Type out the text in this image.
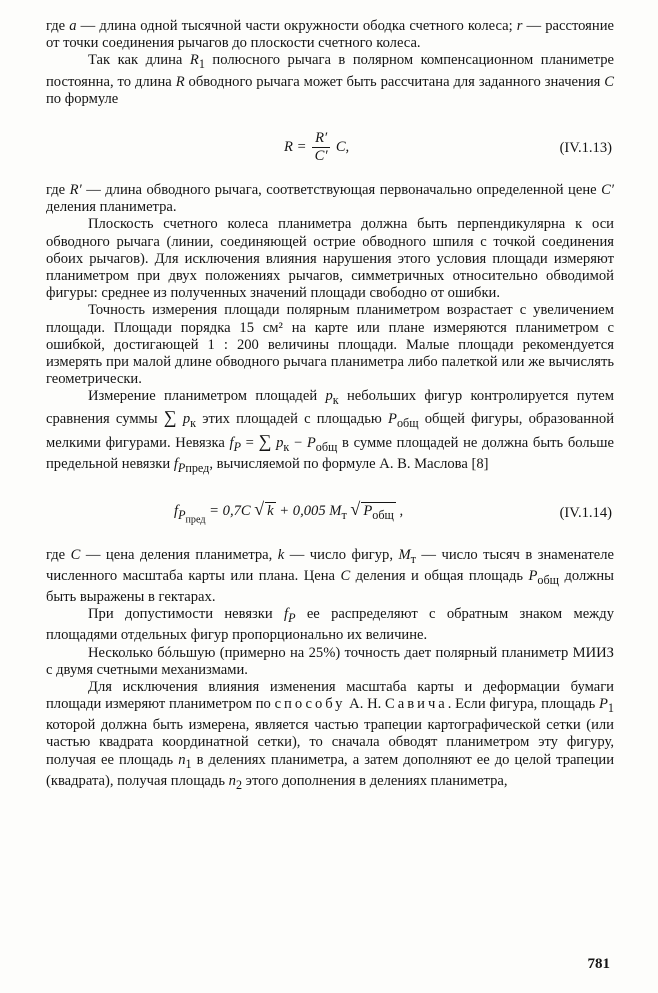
где a — длина одной тысячной части окружности ободка счетного колеса; r — расстояние от точки соединения рычагов до плоскости счетного колеса.

Так как длина $R_1$ полюсного рычага в полярном компенсационном планиметре постоянна, то длина R обводного рычага может быть рассчитана для заданного значения C по формуле

$R = \frac{R'}{C'} C$,	(IV.1.13)

где R′ — длина обводного рычага, соответствующая первоначально определенной цене C′ деления планиметра.

Плоскость счетного колеса планиметра должна быть перпендикулярна к оси обводного рычага (линии, соединяющей острие обводного шпиля с точкой соединения обоих рычагов). Для исключения влияния нарушения этого условия площади измеряют планиметром при двух положениях рычагов, симметричных относительно обводимой фигуры: среднее из полученных значений площади свободно от ошибки.

Точность измерения площади полярным планиметром возрастает с увеличением площади. Площади порядка 15 см² на карте или плане измеряются планиметром с ошибкой, достигающей 1 : 200 величины площади. Малые площади рекомендуется измерять при малой длине обводного рычага планиметра либо палеткой или же вычислять геометрически.

Измерение планиметром площадей $p_к$ небольших фигур контролируется путем сравнения суммы ∑ $p_к$ этих площадей с площадью $P_{общ}$ общей фигуры, образованной мелкими фигурами. Невязка $f_P$ = ∑ $p_к - P_{общ}$ в сумме площадей не должна быть больше предельной невязки $f_{Pпред}$, вычисляемой по формуле А. В. Маслова [8]

$f_{P_{пред}} = 0,7C$ √ k + 0,005 $M_т$ √ $P_{общ}$ ,	(IV.1.14)

где C — цена деления планиметра, k — число фигур, $M_т$ — число тысяч в знаменателе численного масштаба карты или плана. Цена C деления и общая площадь $P_{общ}$ должны быть выражены в гектарах.

При допустимости невязки $f_P$ ее распределяют с обратным знаком между площадями отдельных фигур пропорционально их величине.

Несколько бóльшую (примерно на 25%) точность дает полярный планиметр МИИЗ с двумя счетными механизмами.

Для исключения влияния изменения масштаба карты и деформации бумаги площади измеряют планиметром по способу А. Н. Савича. Если фигура, площадь $P_1$ которой должна быть измерена, является частью трапеции картографической сетки (или частью квадрата координатной сетки), то сначала обводят планиметром эту фигуру, получая ее площадь $n_1$ в делениях планиметра, а затем дополняют ее до целой трапеции (квадрата), получая площадь $n_2$ этого дополнения в делениях планиметра,

781
